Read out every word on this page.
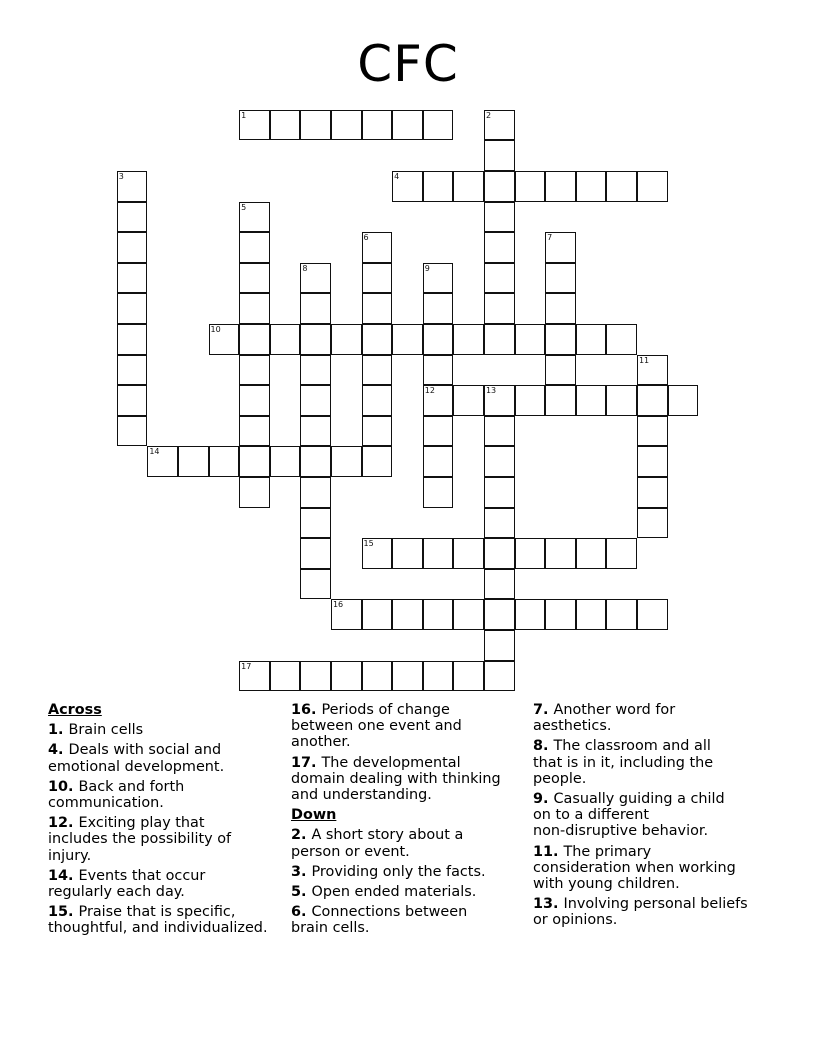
CFC
1	2
3	4
5
6	7
8	9
12
10
11
13
14
15
16
17
Across
1. Brain cells
4. Deals with social and
emotional development.
10. Back and forth
communication.
12. Exciting play that
includes the possibility of
injury.
14. Events that occur
regularly each day.
15. Praise that is specific,
thoughtful, and individualized.
16. Periods of change
between one event and
another.
17. The developmental
domain dealing with thinking
and understanding.
Down
2. A short story about a
person or event.
3. Providing only the facts.
5. Open ended materials.
6. Connections between
brain cells.
7. Another word for
aesthetics.
8. The classroom and all
that is in it, including the
people.
9. Casually guiding a child
on to a different
non-disruptive behavior.
11. The primary
consideration when working
with young children.
13. Involving personal beliefs
or opinions.
